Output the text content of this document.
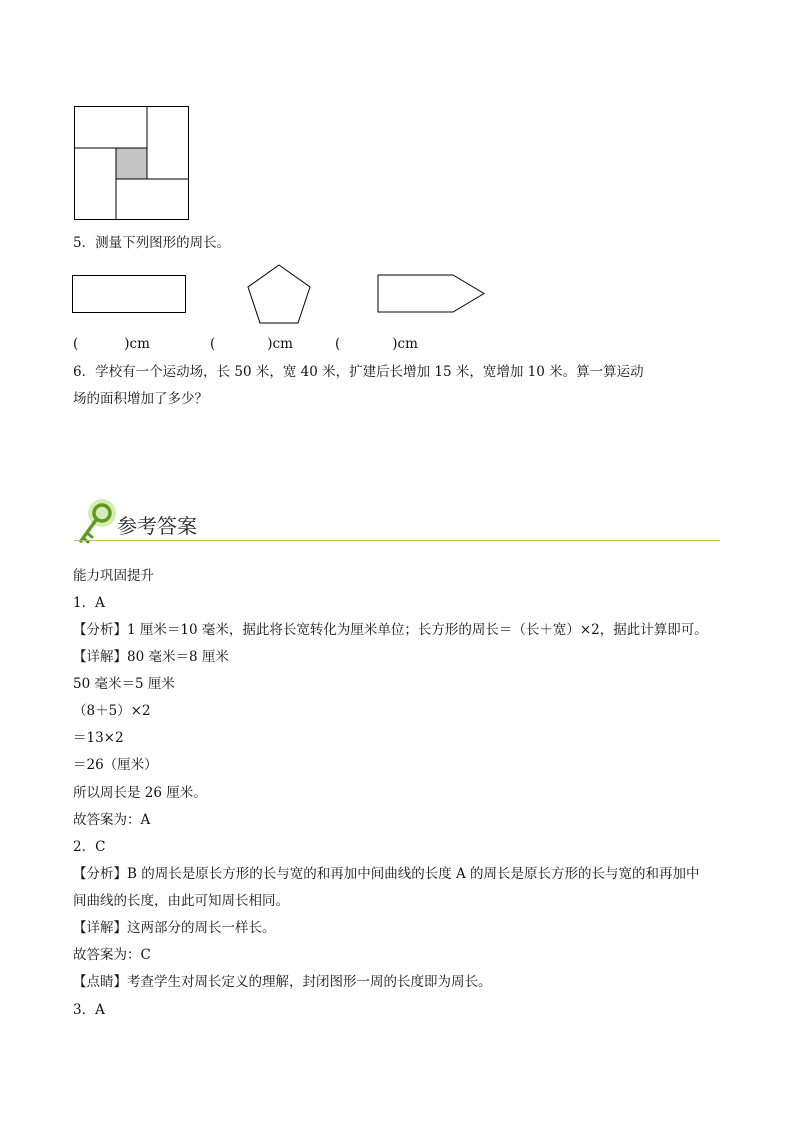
5．测量下列图形的周长。
(	)cm	(	)cm	(	)cm
6．学校有一个运动场，长 50 米，宽 40 米，扩建后长增加 15 米，宽增加 10 米。算一算运动
场的面积增加了多少？
参考答案
能力巩固提升
1．A
【分析】1 厘米＝10 毫米，据此将长宽转化为厘米单位；长方形的周长＝（长＋宽）×2，据此计算即可。
【详解】80 毫米＝8 厘米
50 毫米＝5 厘米
（8＋5）×2
＝13×2
＝26（厘米）
所以周长是 26 厘米。
故答案为：A
2．C
【分析】B 的周长是原长方形的长与宽的和再加中间曲线的长度 A 的周长是原长方形的长与宽的和再加中
间曲线的长度，由此可知周长相同。
【详解】这两部分的周长一样长。
故答案为：C
【点睛】考查学生对周长定义的理解，封闭图形一周的长度即为周长。
3．A
